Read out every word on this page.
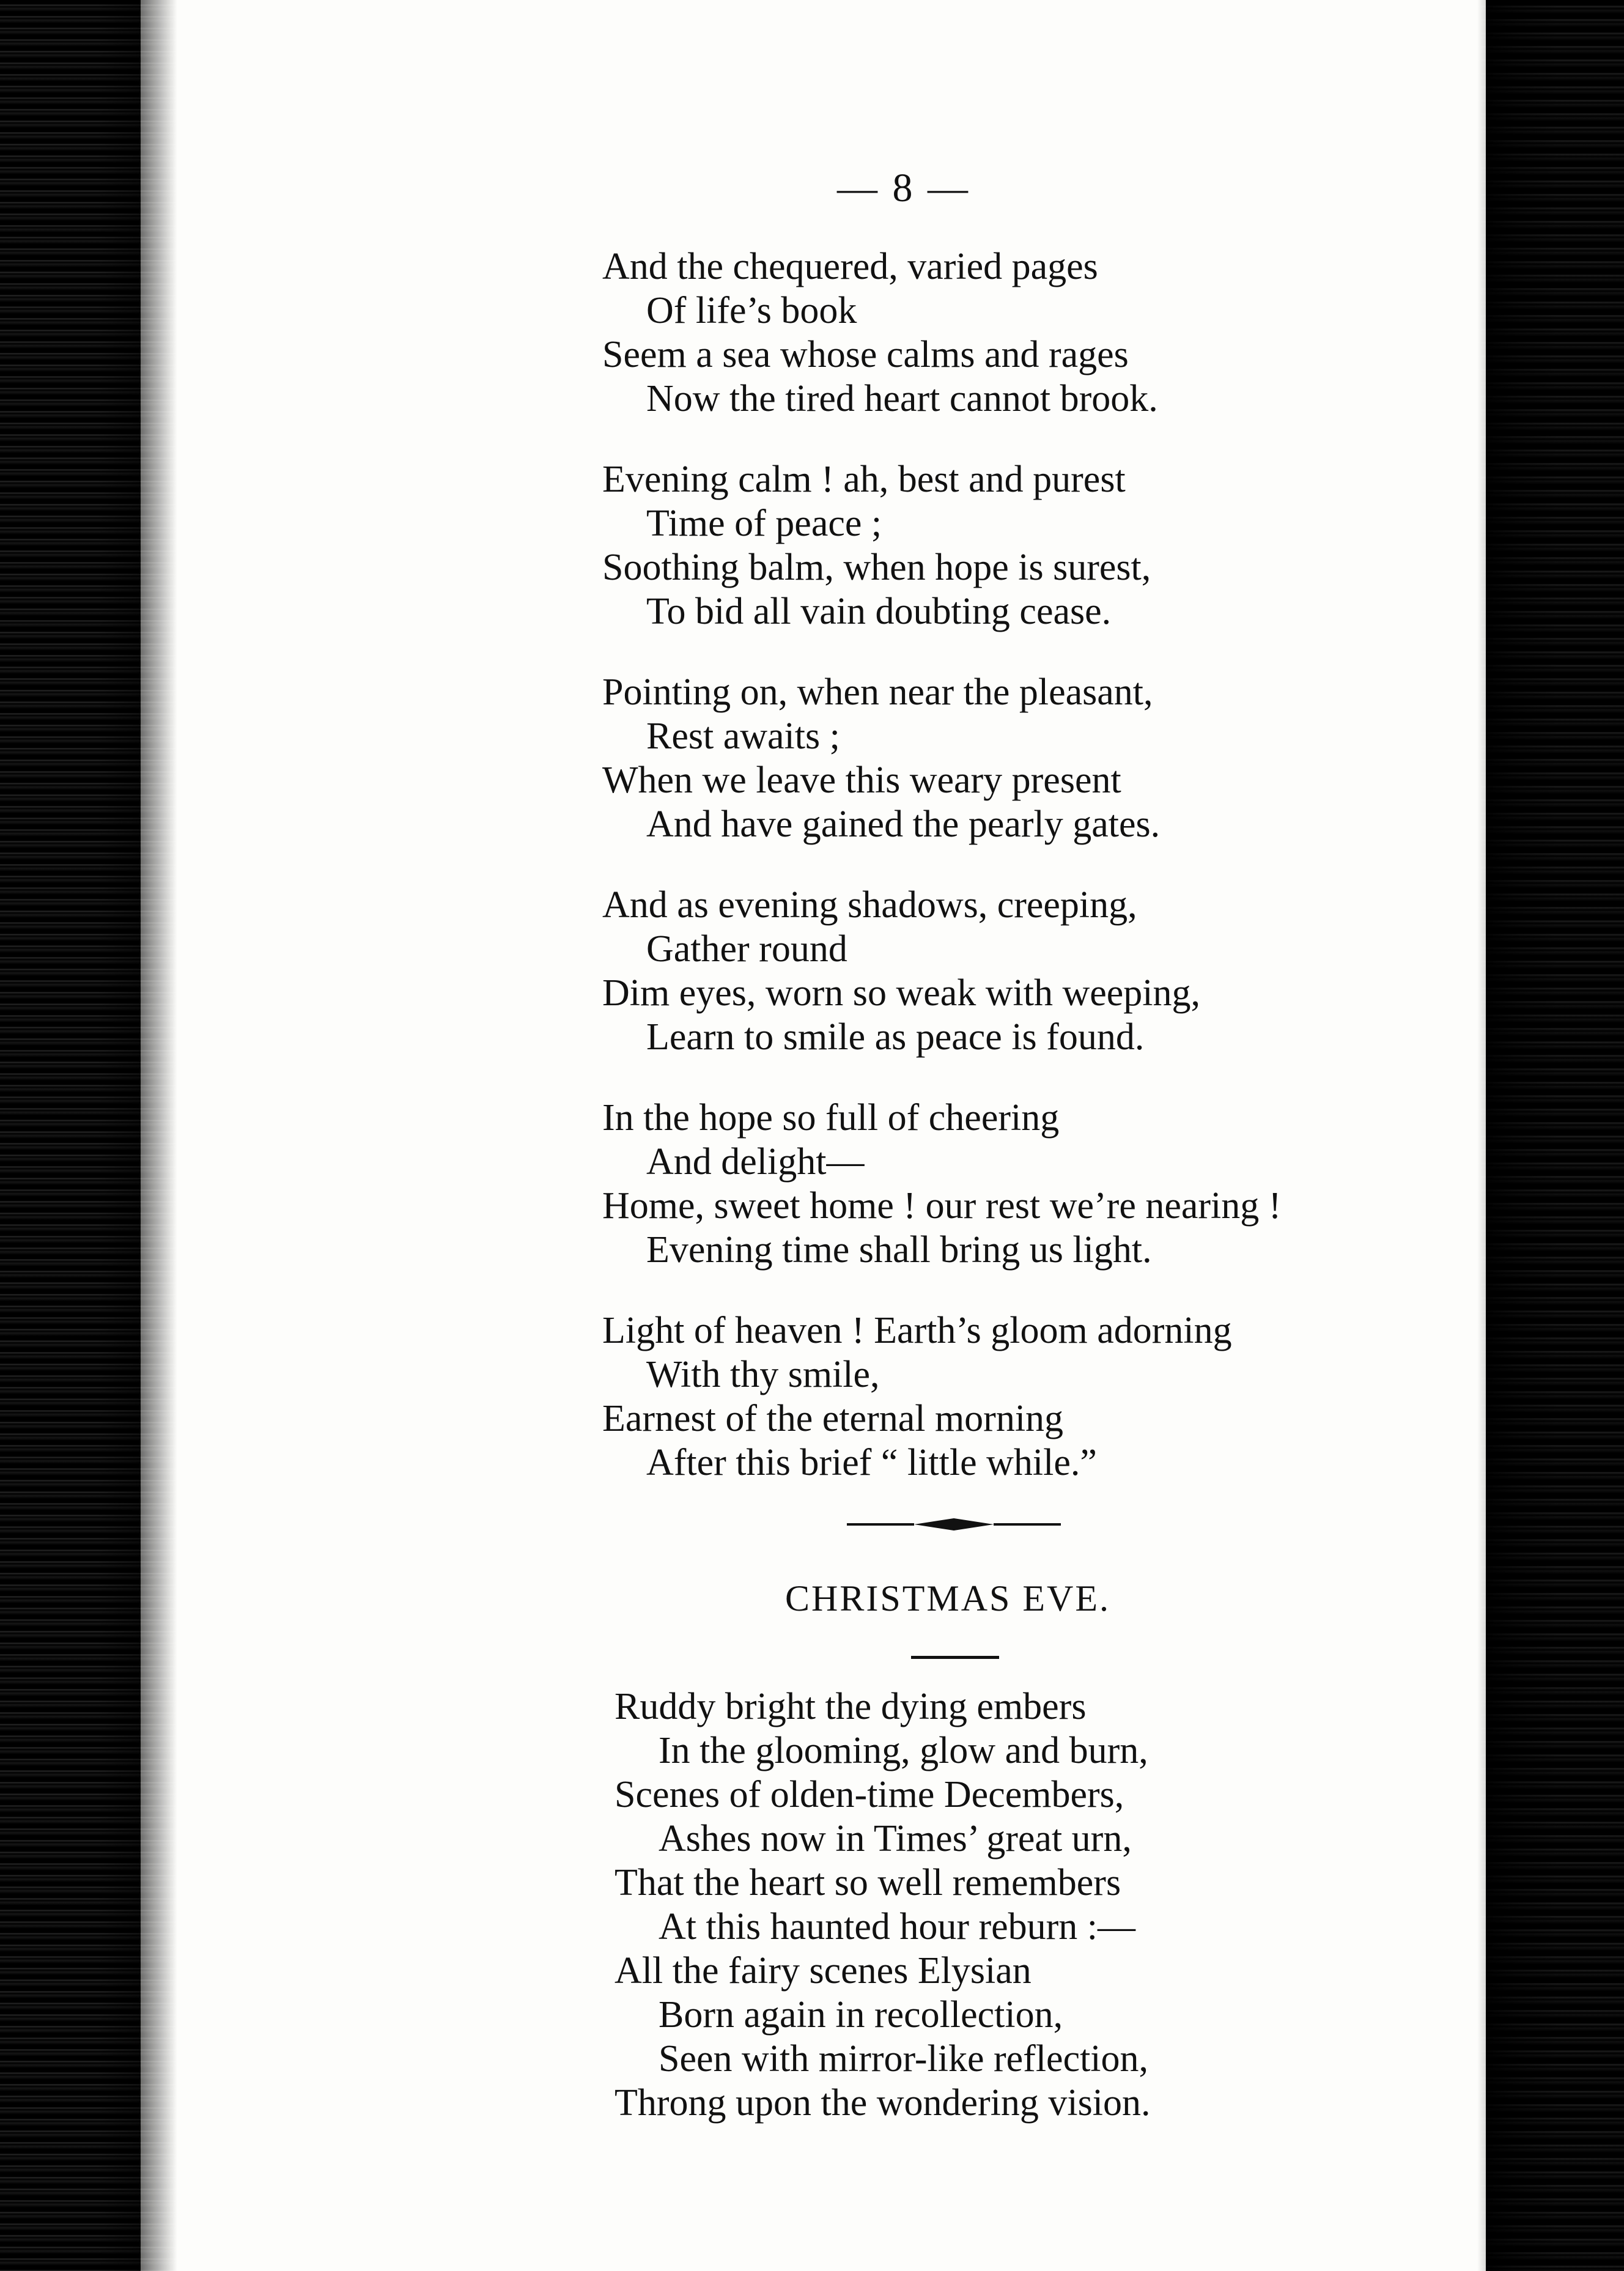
— 8 —
And the chequered, varied pages
Of life’s book
Seem a sea whose calms and rages
Now the tired heart cannot brook.
Evening calm ! ah, best and purest
Time of peace ;
Soothing balm, when hope is surest,
To bid all vain doubting cease.
Pointing on, when near the pleasant,
Rest awaits ;
When we leave this weary present
And have gained the pearly gates.
And as evening shadows, creeping,
Gather round
Dim eyes, worn so weak with weeping,
Learn to smile as peace is found.
In the hope so full of cheering
And delight—
Home, sweet home ! our rest we’re nearing !
Evening time shall bring us light.
Light of heaven ! Earth’s gloom adorning
With thy smile,
Earnest of the eternal morning
After this brief “ little while.”
CHRISTMAS EVE.
Ruddy bright the dying embers
In the glooming, glow and burn,
Scenes of olden-time Decembers,
Ashes now in Times’ great urn,
That the heart so well remembers
At this haunted hour reburn :—
All the fairy scenes Elysian
Born again in recollection,
Seen with mirror-like reflection,
Throng upon the wondering vision.
